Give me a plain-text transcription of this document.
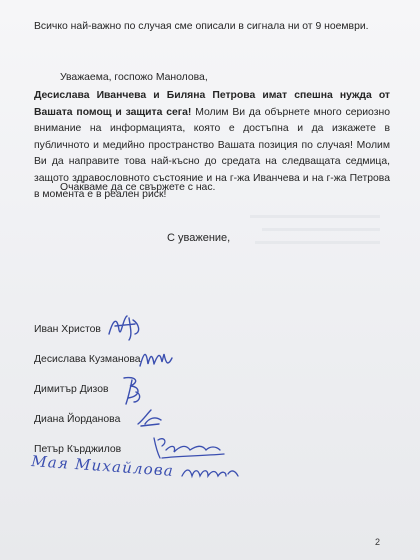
Всичко най-важно по случая сме описали в сигнала ни от 9 ноември.
Уважаема, госпожо Манолова,
Десислава Иванчева и Биляна Петрова имат спешна нужда от Вашата помощ и защита сега! Молим Ви да обърнете много сериозно внимание на информацията, която е достъпна и да изкажете в публичното и медийно пространство Вашата позиция по случая! Молим Ви да направите това най-късно до средата на следващата седмица, защото здравословното състояние и на г-жа Иванчева и на г-жа Петрова в момента е в реален риск!
Очакваме да се свържете с нас.
С уважение,
Иван Христов
Десислава Кузманова
Димитър Дизов
Диана Йорданова
Петър Кърджилов
Мая Михайлова
2
